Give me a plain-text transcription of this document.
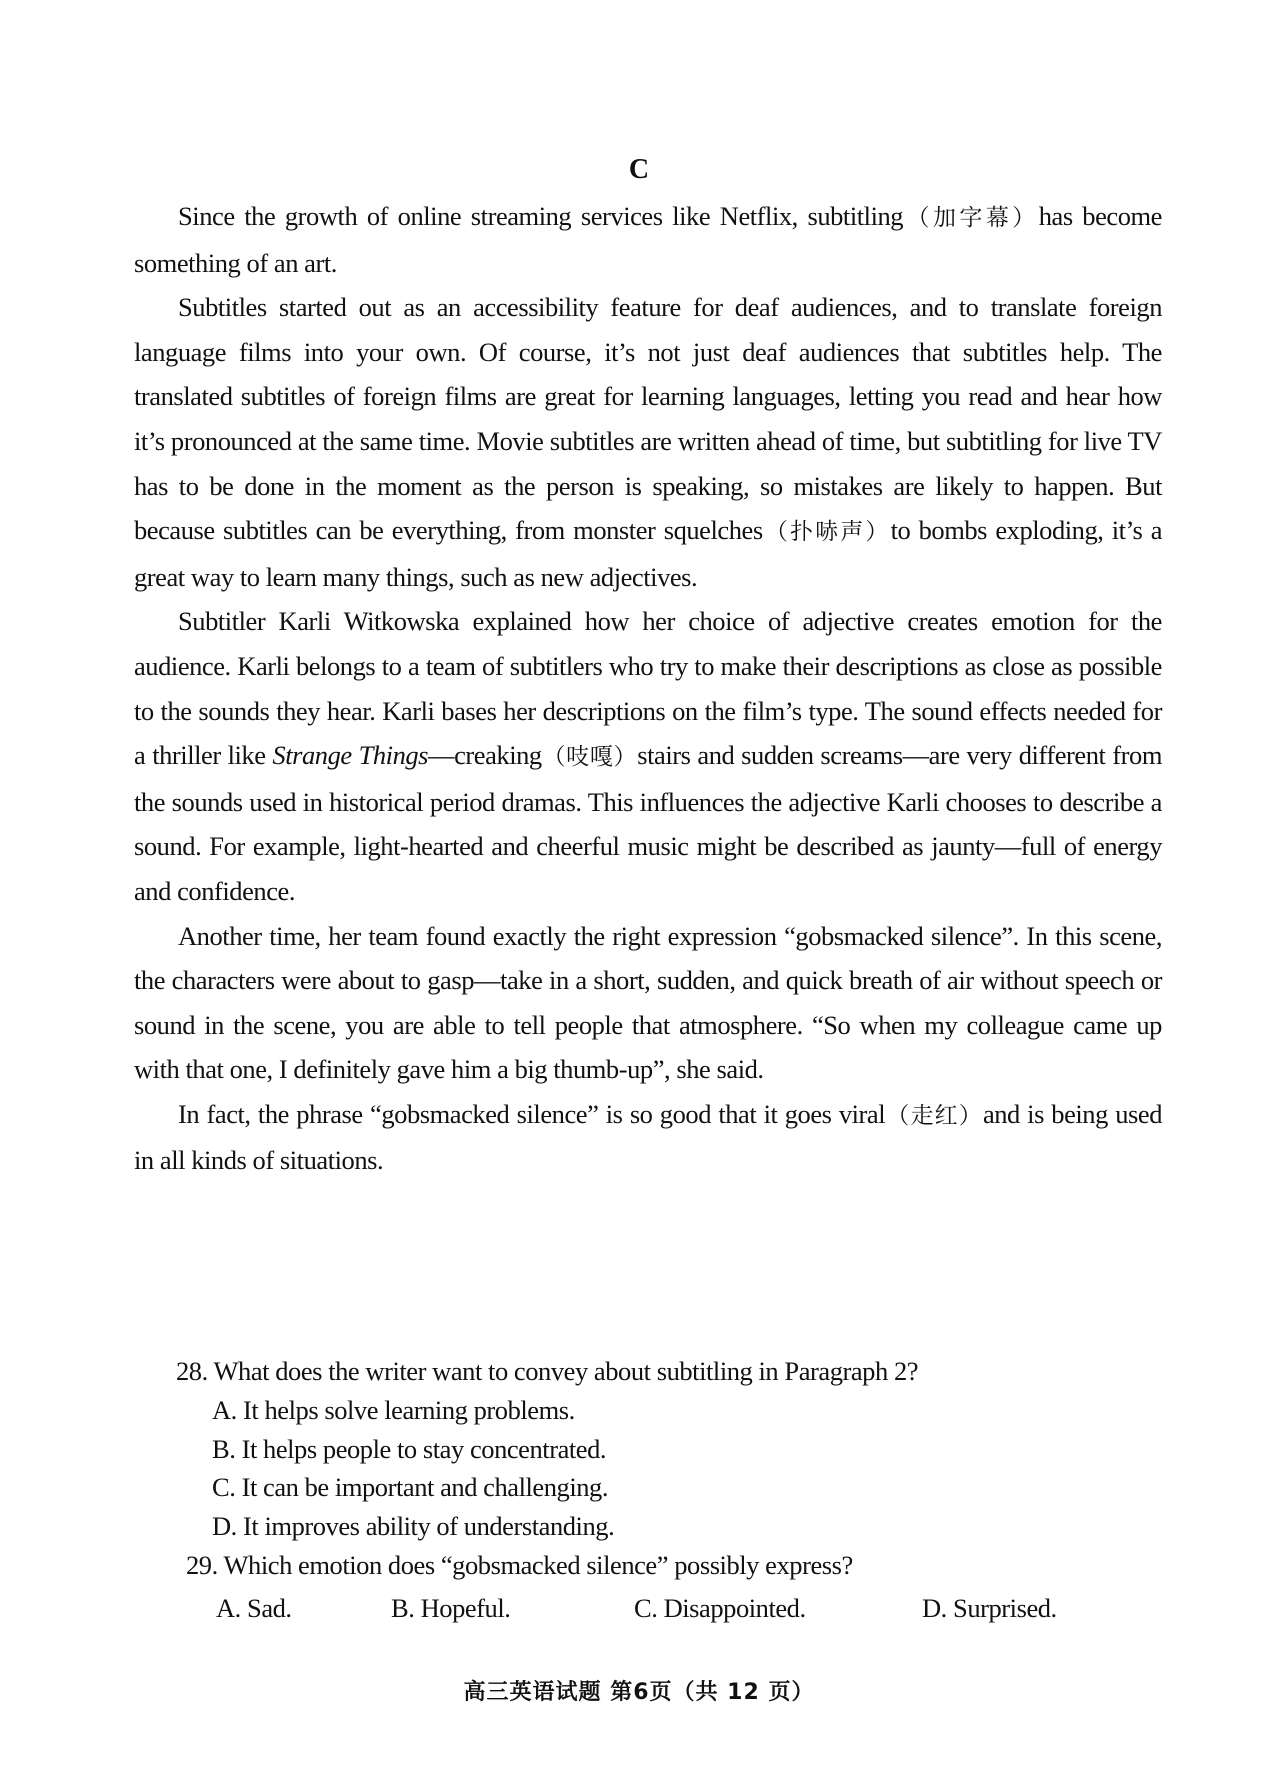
C

Since the growth of online streaming services like Netflix, subtitling（加字幕）has become something of an art.

Subtitles started out as an accessibility feature for deaf audiences, and to translate foreign language films into your own. Of course, it’s not just deaf audiences that subtitles help. The translated subtitles of foreign films are great for learning languages, letting you read and hear how it’s pronounced at the same time. Movie subtitles are written ahead of time, but subtitling for live TV has to be done in the moment as the person is speaking, so mistakes are likely to happen. But because subtitles can be everything, from monster squelches（扑哧声）to bombs exploding, it’s a great way to learn many things, such as new adjectives.

Subtitler Karli Witkowska explained how her choice of adjective creates emotion for the audience. Karli belongs to a team of subtitlers who try to make their descriptions as close as possible to the sounds they hear. Karli bases her descriptions on the film’s type. The sound effects needed for a thriller like Strange Things—creaking（吱嘎）stairs and sudden screams—are very different from the sounds used in historical period dramas. This influences the adjective Karli chooses to describe a sound. For example, light-hearted and cheerful music might be described as jaunty—full of energy and confidence.

Another time, her team found exactly the right expression “gobsmacked silence”. In this scene, the characters were about to gasp—take in a short, sudden, and quick breath of air without speech or sound in the scene, you are able to tell people that atmosphere. “So when my colleague came up with that one, I definitely gave him a big thumb-up”, she said.

In fact, the phrase “gobsmacked silence” is so good that it goes viral（走红）and is being used in all kinds of situations.

28. What does the writer want to convey about subtitling in Paragraph 2?
A. It helps solve learning problems.
B. It helps people to stay concentrated.
C. It can be important and challenging.
D. It improves ability of understanding.
29. Which emotion does “gobsmacked silence” possibly express?
A. Sad.	B. Hopeful.	C. Disappointed.	D. Surprised.
高三英语试题 第6页（共 12 页）
